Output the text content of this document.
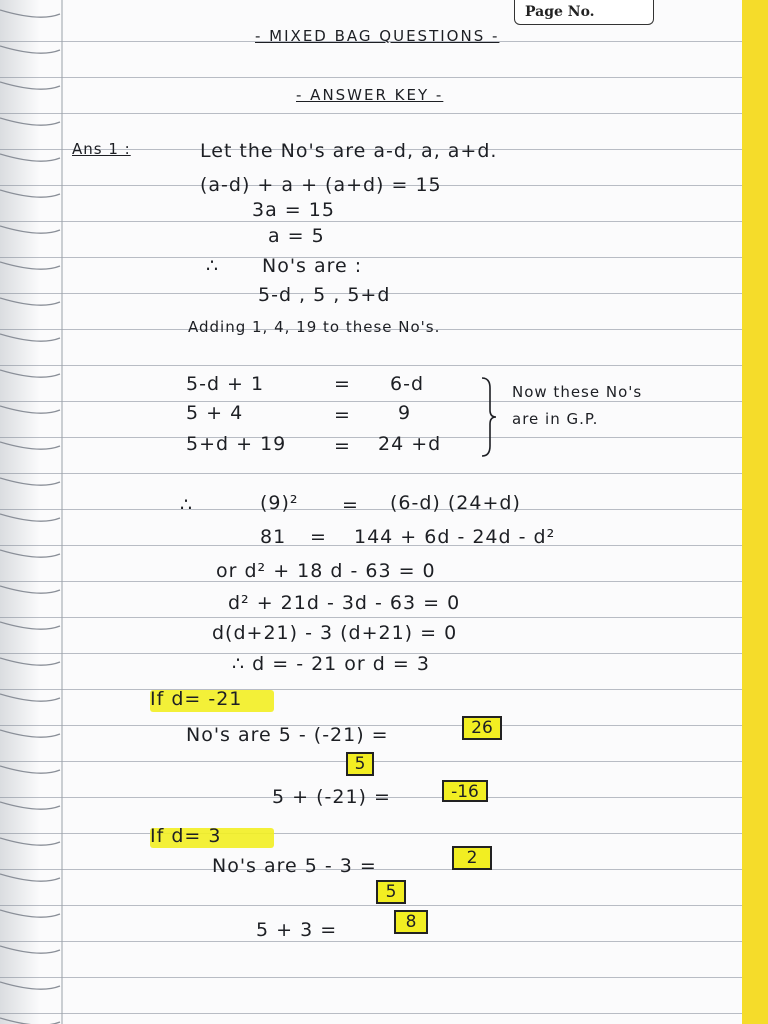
Page No.
- MIXED BAG QUESTIONS -
- ANSWER KEY -
Ans 1 :	Let the No's are a-d, a, a+d.
(a-d) + a + (a+d) = 15
3a = 15
a = 5
∴ No's are :
5-d , 5 , 5+d
Adding 1, 4, 19 to these No's.
5-d + 1	= 6-d
5 + 4	= 9
5+d + 19	= 24 +d
Now these No's
are in G.P.
∴	(9)² = (6-d) (24+d)
81 = 144 + 6d - 24d - d²
or d² + 18 d - 63 = 0
d² + 21d - 3d - 63 = 0
d(d+21) - 3 (d+21) = 0
∴ d = - 21 or d = 3
If d= -21
No's are 5 - (-21) =	26
5
5 + (-21) =	-16
If d= 3
No's are 5 - 3 =	2
5
5 + 3 =	8
